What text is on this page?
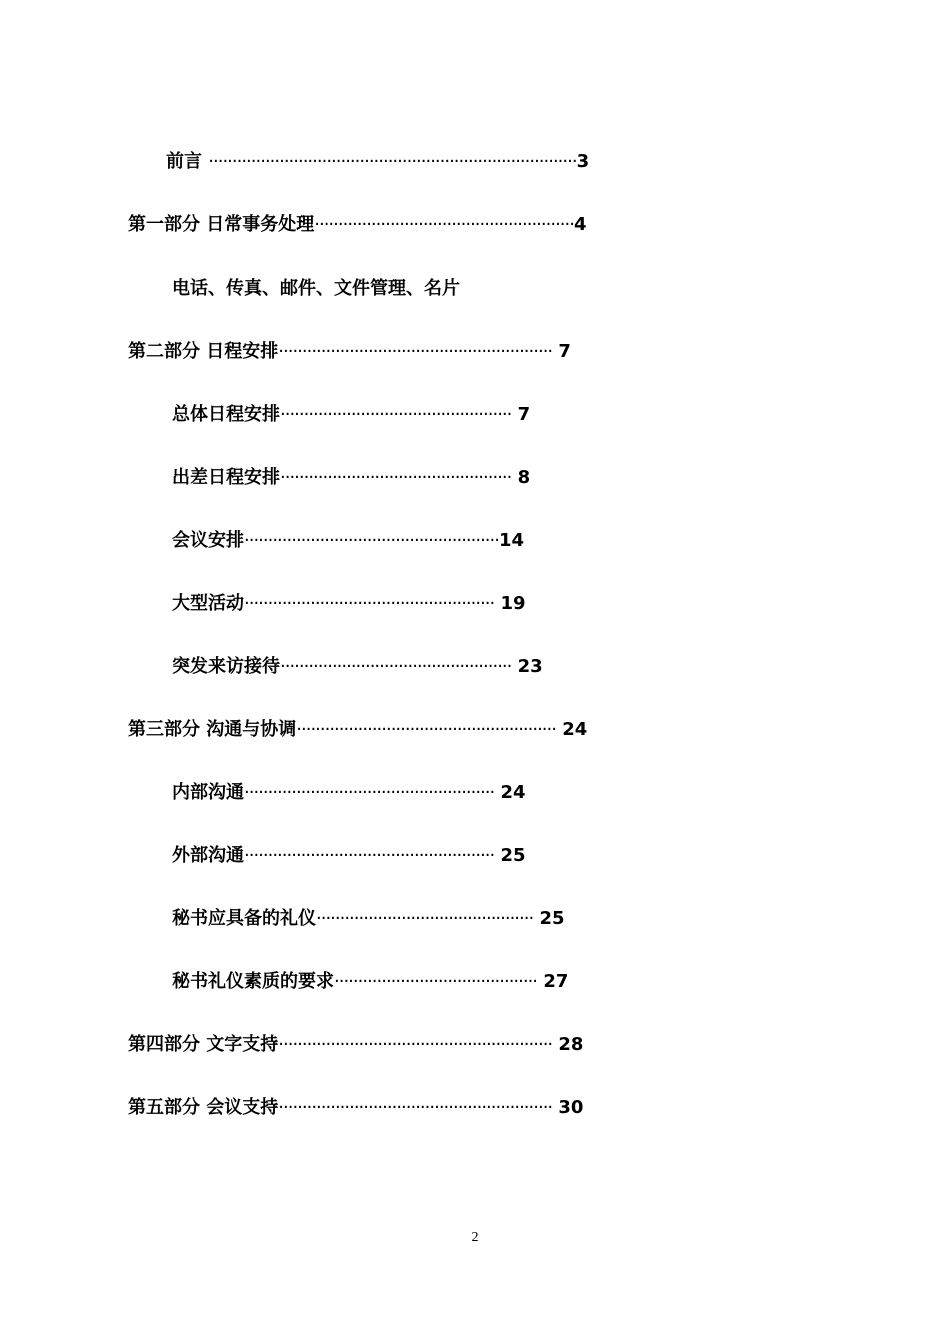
前言 ··············································································3
第一部分 日常事务处理·······················································4
电话、传真、邮件、文件管理、名片
第二部分 日程安排·························································· 7
总体日程安排················································· 7
出差日程安排················································· 8
会议安排······················································14
大型活动····················································· 19
突发来访接待················································· 23
第三部分 沟通与协调······················································· 24
内部沟通····················································· 24
外部沟通····················································· 25
秘书应具备的礼仪·············································· 25
秘书礼仪素质的要求··········································· 27
第四部分 文字支持·························································· 28
第五部分 会议支持·························································· 30
2
